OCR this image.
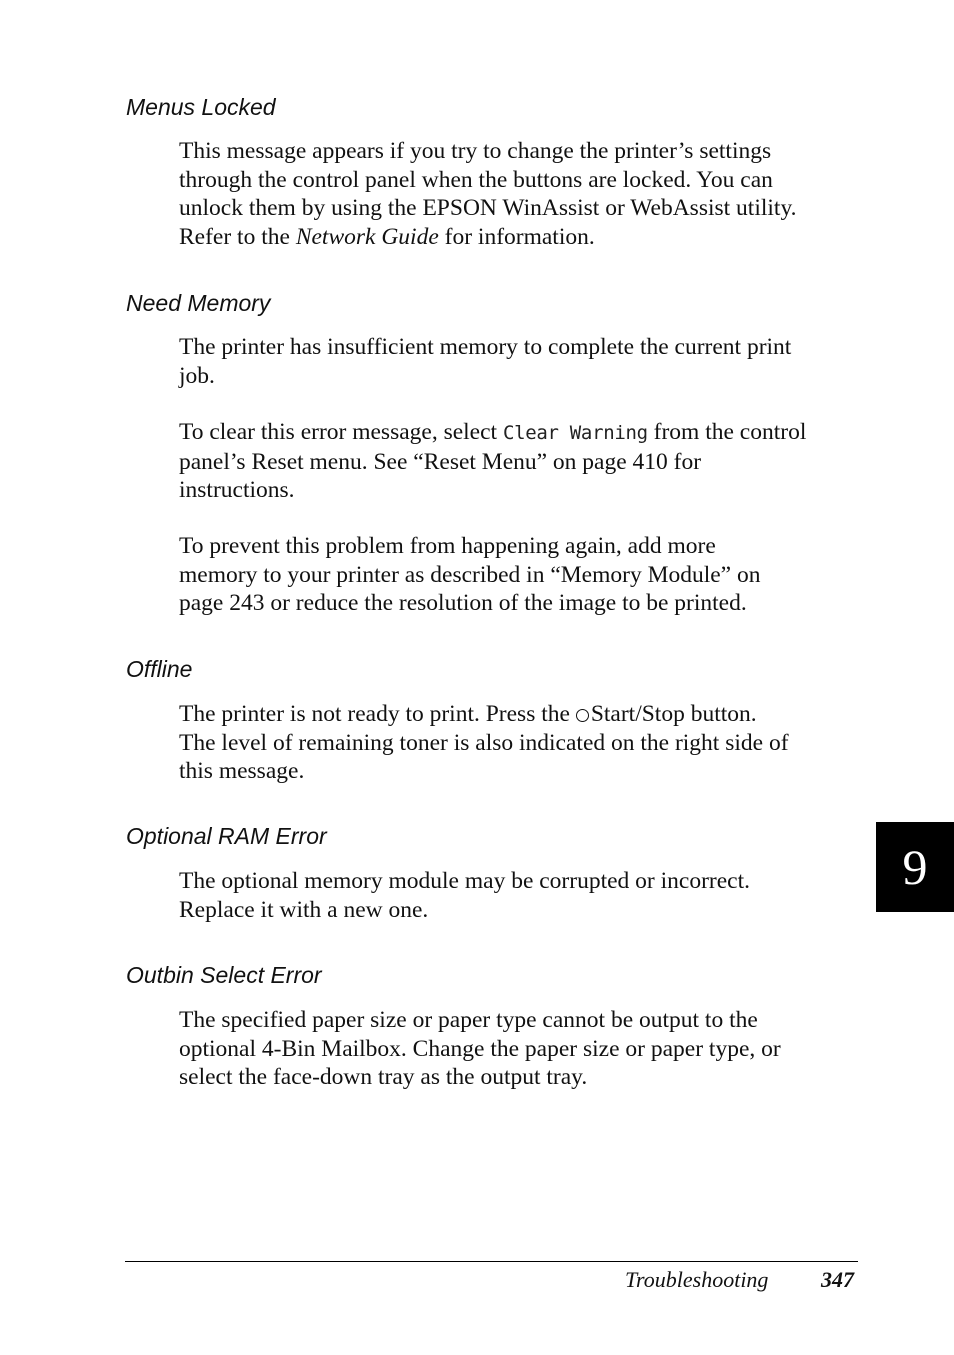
Menus Locked

This message appears if you try to change the printer’s settings
through the control panel when the buttons are locked. You can
unlock them by using the EPSON WinAssist or WebAssist utility.
Refer to the Network Guide for information.

Need Memory

The printer has insufficient memory to complete the current print
job.

To clear this error message, select Clear Warning from the control
panel’s Reset menu. See “Reset Menu” on page 410 for
instructions.

To prevent this problem from happening again, add more
memory to your printer as described in “Memory Module” on
page 243 or reduce the resolution of the image to be printed.

Offline

The printer is not ready to print. Press the Start/Stop button.
The level of remaining toner is also indicated on the right side of
this message.

Optional RAM Error

The optional memory module may be corrupted or incorrect.
Replace it with a new one.

Outbin Select Error

The specified paper size or paper type cannot be output to the
optional 4-Bin Mailbox. Change the paper size or paper type, or
select the face-down tray as the output tray.

9
Troubleshooting 347
